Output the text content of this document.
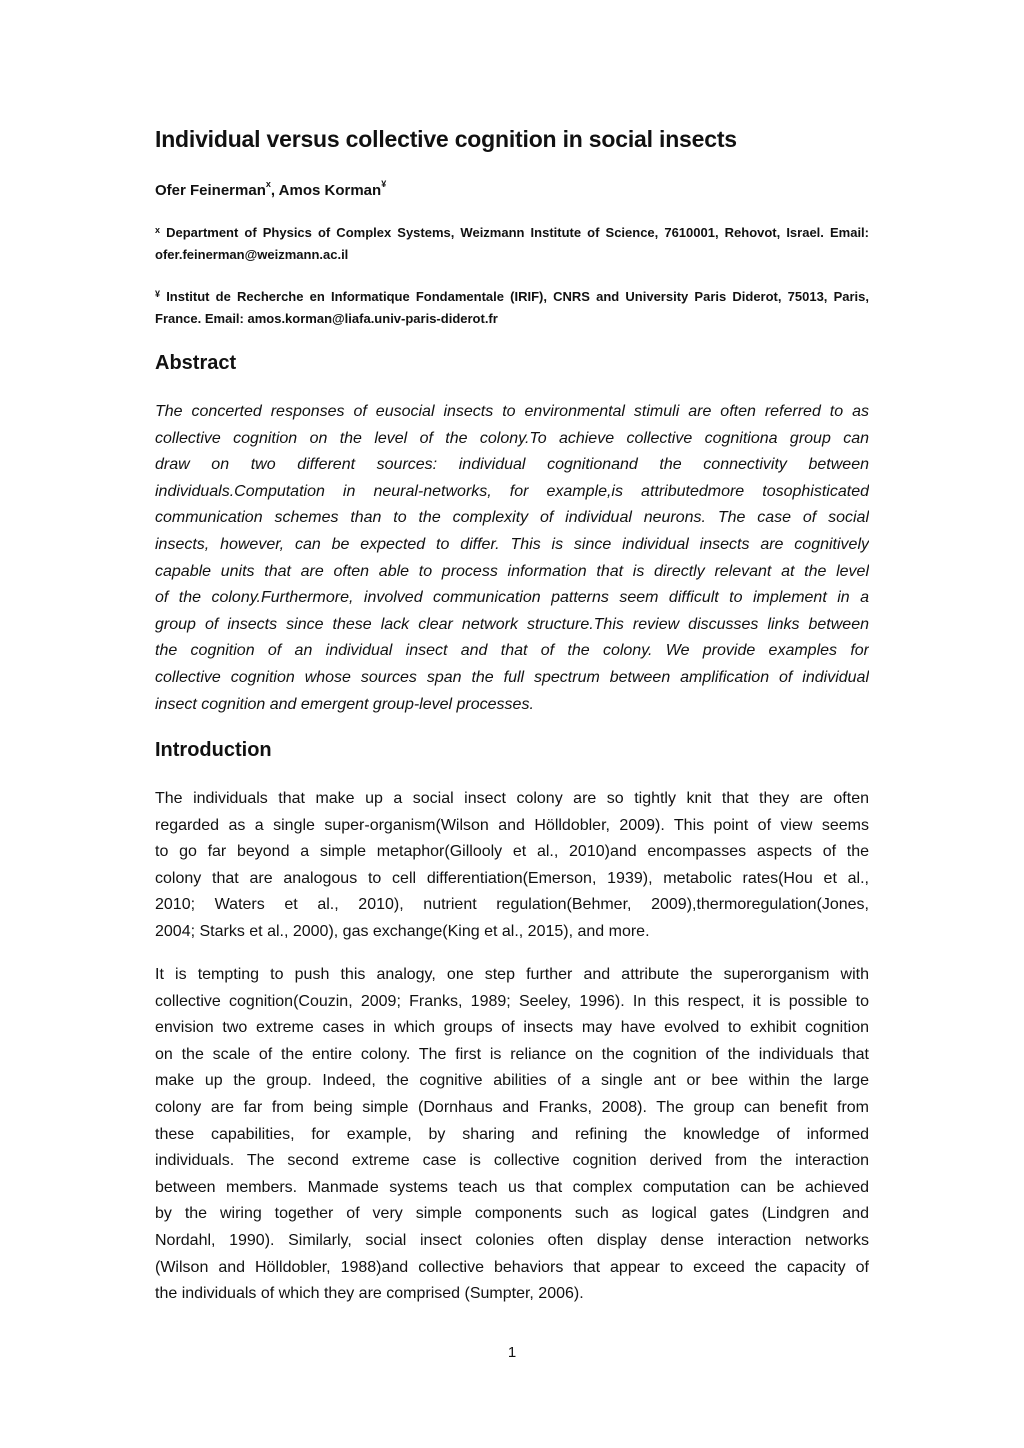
Individual versus collective cognition in social insects
Ofer Feinerman$^x$, Amos Korman¥
$^x$ Department of Physics of Complex Systems, Weizmann Institute of Science, 7610001, Rehovot, Israel. Email:
ofer.feinerman@weizmann.ac.il
¥ Institut de Recherche en Informatique Fondamentale (IRIF), CNRS and University Paris Diderot, 75013, Paris,
France. Email: amos.korman@liafa.univ-paris-diderot.fr
Abstract
The concerted responses of eusocial insects to environmental stimuli are often referred to as
collective cognition on the level of the colony.To achieve collective cognitiona group can
draw on two different sources: individual cognitionand the connectivity between
individuals.Computation in neural-networks, for example,is attributedmore tosophisticated
communication schemes than to the complexity of individual neurons. The case of social
insects, however, can be expected to differ. This is since individual insects are cognitively
capable units that are often able to process information that is directly relevant at the level
of the colony.Furthermore, involved communication patterns seem difficult to implement in a
group of insects since these lack clear network structure.This review discusses links between
the cognition of an individual insect and that of the colony. We provide examples for
collective cognition whose sources span the full spectrum between amplification of individual
insect cognition and emergent group-level processes.
Introduction
The individuals that make up a social insect colony are so tightly knit that they are often
regarded as a single super-organism(Wilson and Hölldobler, 2009). This point of view seems
to go far beyond a simple metaphor(Gillooly et al., 2010)and encompasses aspects of the
colony that are analogous to cell differentiation(Emerson, 1939), metabolic rates(Hou et al.,
2010; Waters et al., 2010), nutrient regulation(Behmer, 2009),thermoregulation(Jones,
2004; Starks et al., 2000), gas exchange(King et al., 2015), and more.
It is tempting to push this analogy, one step further and attribute the superorganism with
collective cognition(Couzin, 2009; Franks, 1989; Seeley, 1996). In this respect, it is possible to
envision two extreme cases in which groups of insects may have evolved to exhibit cognition
on the scale of the entire colony. The first is reliance on the cognition of the individuals that
make up the group. Indeed, the cognitive abilities of a single ant or bee within the large
colony are far from being simple (Dornhaus and Franks, 2008). The group can benefit from
these capabilities, for example, by sharing and refining the knowledge of informed
individuals. The second extreme case is collective cognition derived from the interaction
between members. Manmade systems teach us that complex computation can be achieved
by the wiring together of very simple components such as logical gates (Lindgren and
Nordahl, 1990). Similarly, social insect colonies often display dense interaction networks
(Wilson and Hölldobler, 1988)and collective behaviors that appear to exceed the capacity of
the individuals of which they are comprised (Sumpter, 2006).
1
